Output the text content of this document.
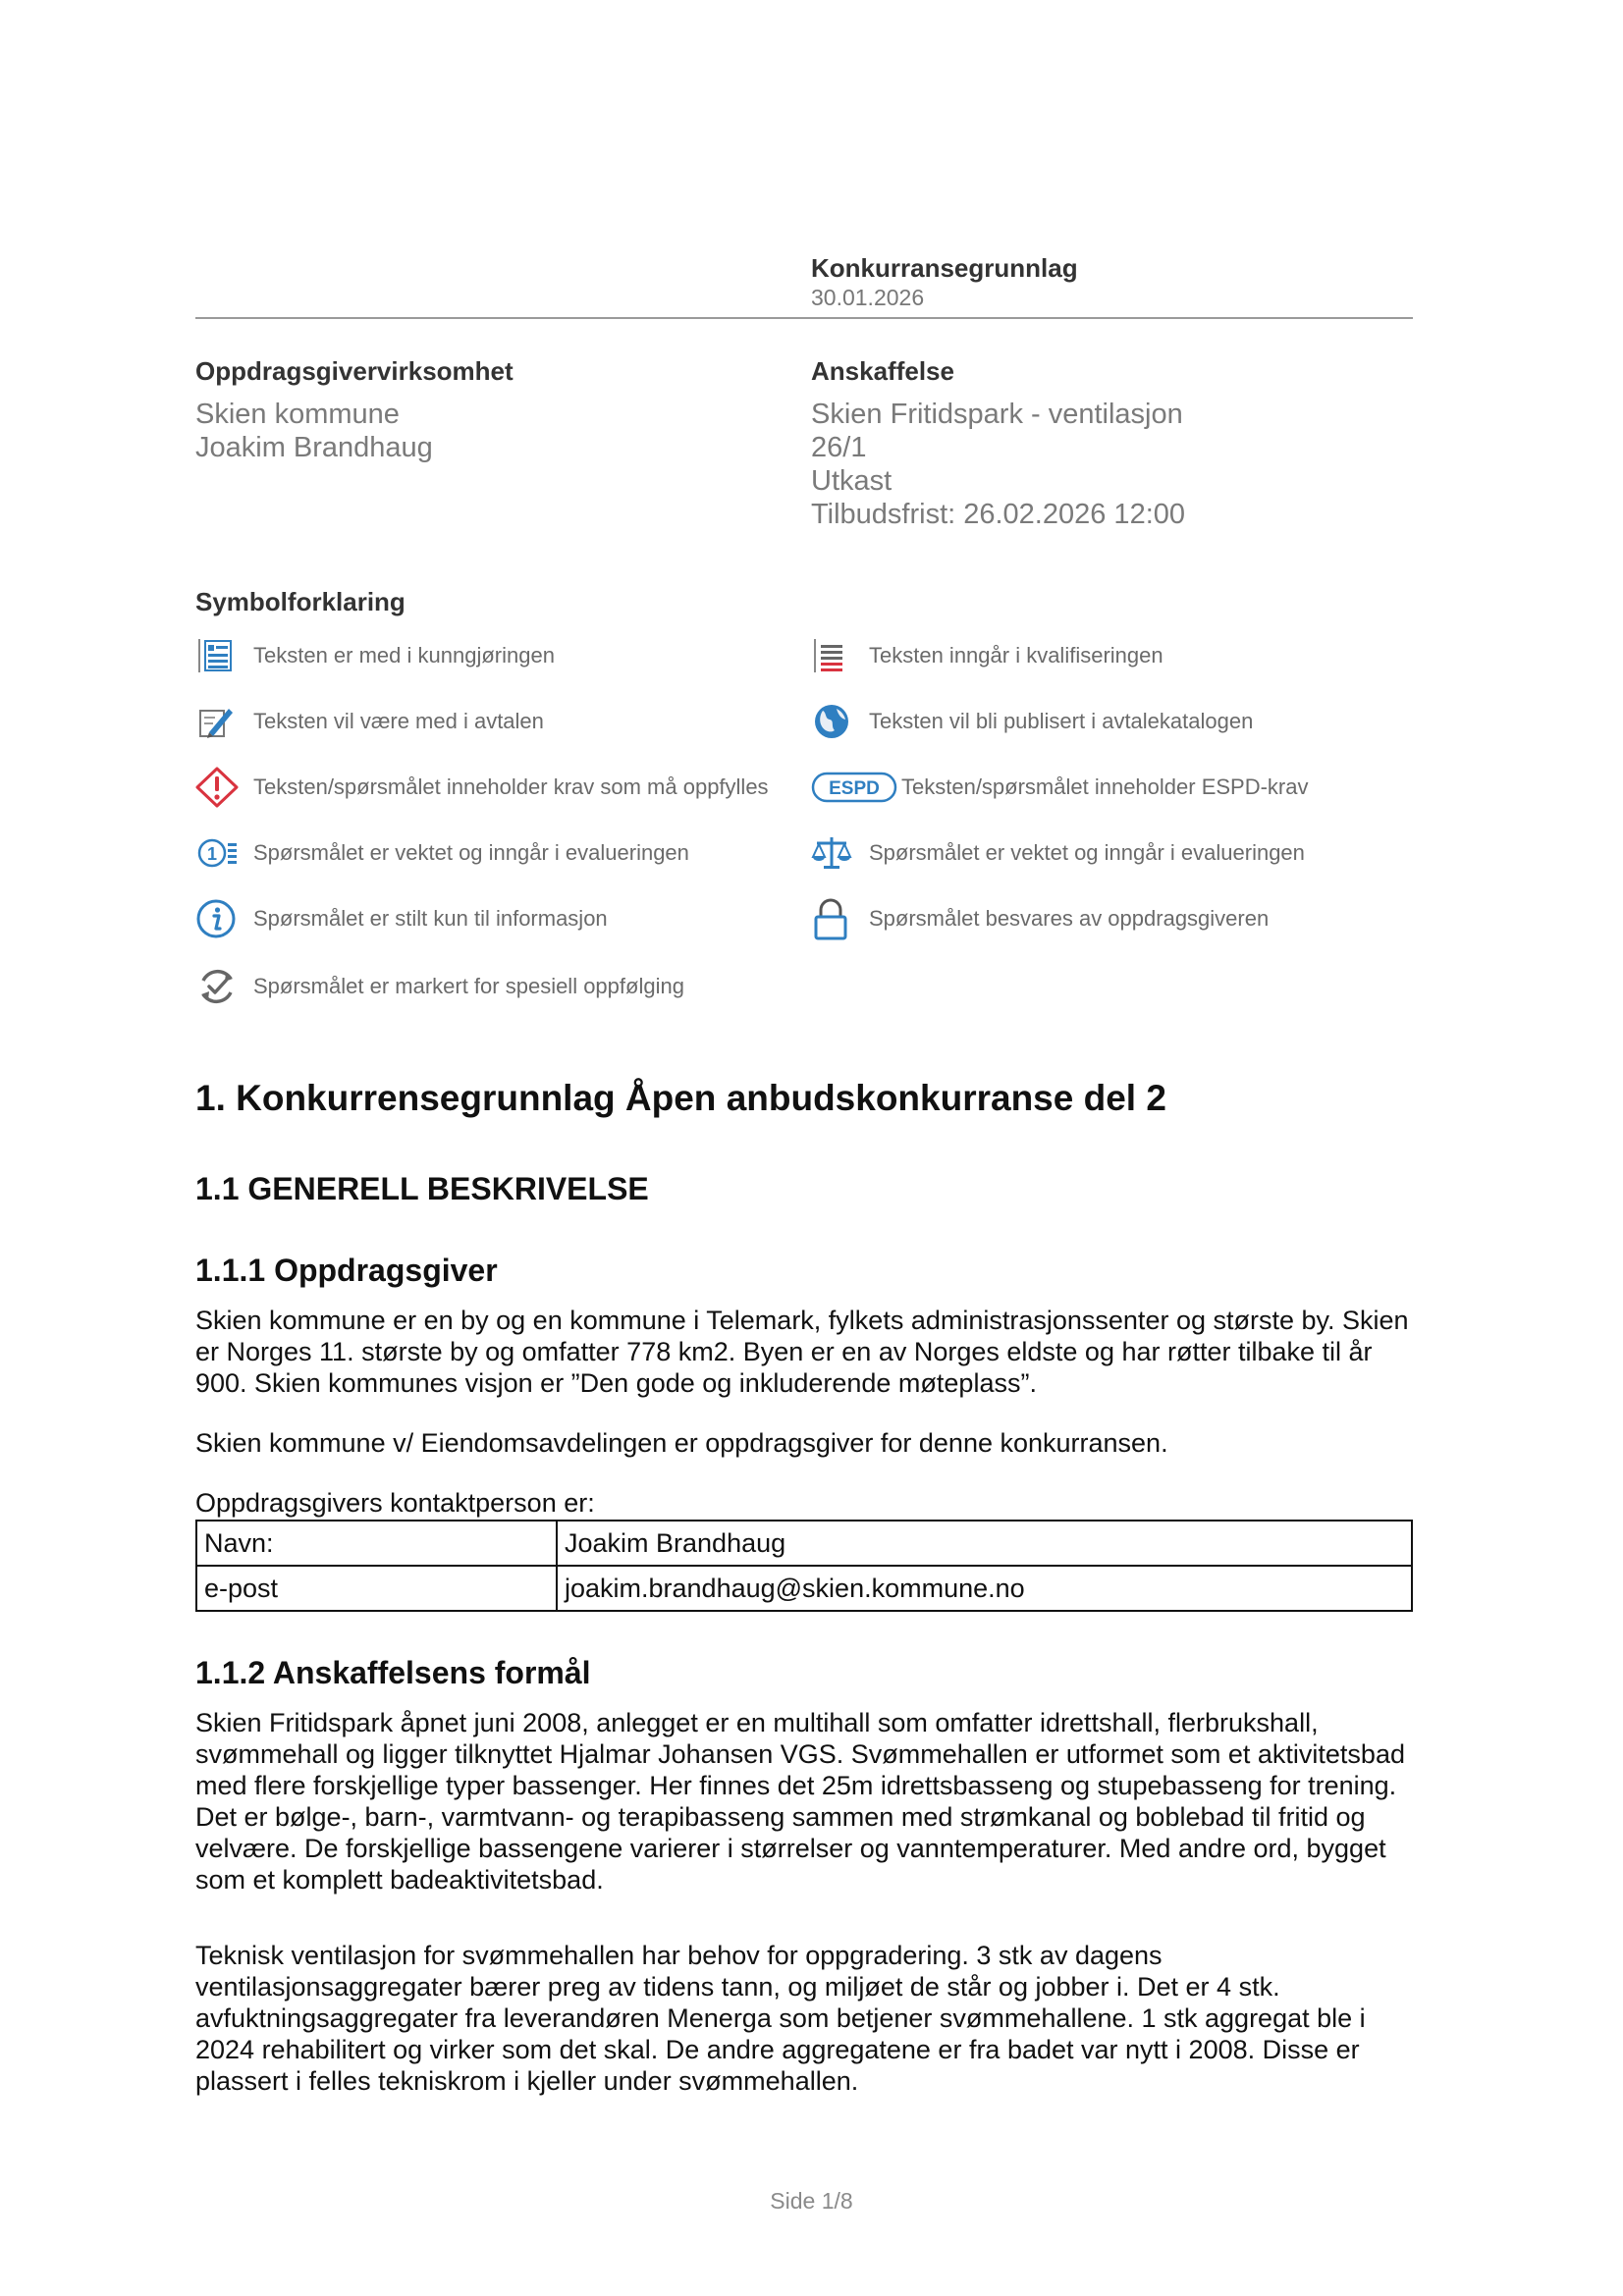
Konkurransegrunnlag
30.01.2026
Oppdragsgivervirksomhet
Skien kommune
Joakim Brandhaug
Anskaffelse
Skien Fritidspark - ventilasjon
26/1
Utkast
Tilbudsfrist: 26.02.2026 12:00
Symbolforklaring
Teksten er med i kunngjøringen
Teksten vil være med i avtalen
Teksten/spørsmålet inneholder krav som må oppfylles
1 Spørsmålet er vektet og inngår i evalueringen
Spørsmålet er stilt kun til informasjon
Spørsmålet er markert for spesiell oppfølging
Teksten inngår i kvalifiseringen
Teksten vil bli publisert i avtalekatalogen
ESPD Teksten/spørsmålet inneholder ESPD-krav
Spørsmålet er vektet og inngår i evalueringen
Spørsmålet besvares av oppdragsgiveren
1. Konkurrensegrunnlag Åpen anbudskonkurranse del 2
1.1 GENERELL BESKRIVELSE
1.1.1 Oppdragsgiver

Skien kommune er en by og en kommune i Telemark, fylkets administrasjonssenter og største by. Skien er Norges 11. største by og omfatter 778 km2. Byen er en av Norges eldste og har røtter tilbake til år 900. Skien kommunes visjon er ”Den gode og inkluderende møteplass”.

Skien kommune v/ Eiendomsavdelingen er oppdragsgiver for denne konkurransen.

Oppdragsgivers kontaktperson er:

Navn:	Joakim Brandhaug
e-post	joakim.brandhaug@skien.kommune.no
1.1.2 Anskaffelsens formål

Skien Fritidspark åpnet juni 2008, anlegget er en multihall som omfatter idrettshall, flerbrukshall, svømmehall og ligger tilknyttet Hjalmar Johansen VGS. Svømmehallen er utformet som et aktivitetsbad med flere forskjellige typer bassenger. Her finnes det 25m idrettsbasseng og stupebasseng for trening. Det er bølge-, barn-, varmtvann- og terapibasseng sammen med strømkanal og boblebad til fritid og velvære. De forskjellige bassengene varierer i størrelser og vanntemperaturer. Med andre ord, bygget som et komplett badeaktivitetsbad.

Teknisk ventilasjon for svømmehallen har behov for oppgradering. 3 stk av dagens ventilasjonsaggregater bærer preg av tidens tann, og miljøet de står og jobber i. Det er 4 stk. avfuktningsaggregater fra leverandøren Menerga som betjener svømmehallene. 1 stk aggregat ble i 2024 rehabilitert og virker som det skal. De andre aggregatene er fra badet var nytt i 2008. Disse er plassert i felles tekniskrom i kjeller under svømmehallen.

Side 1/8
